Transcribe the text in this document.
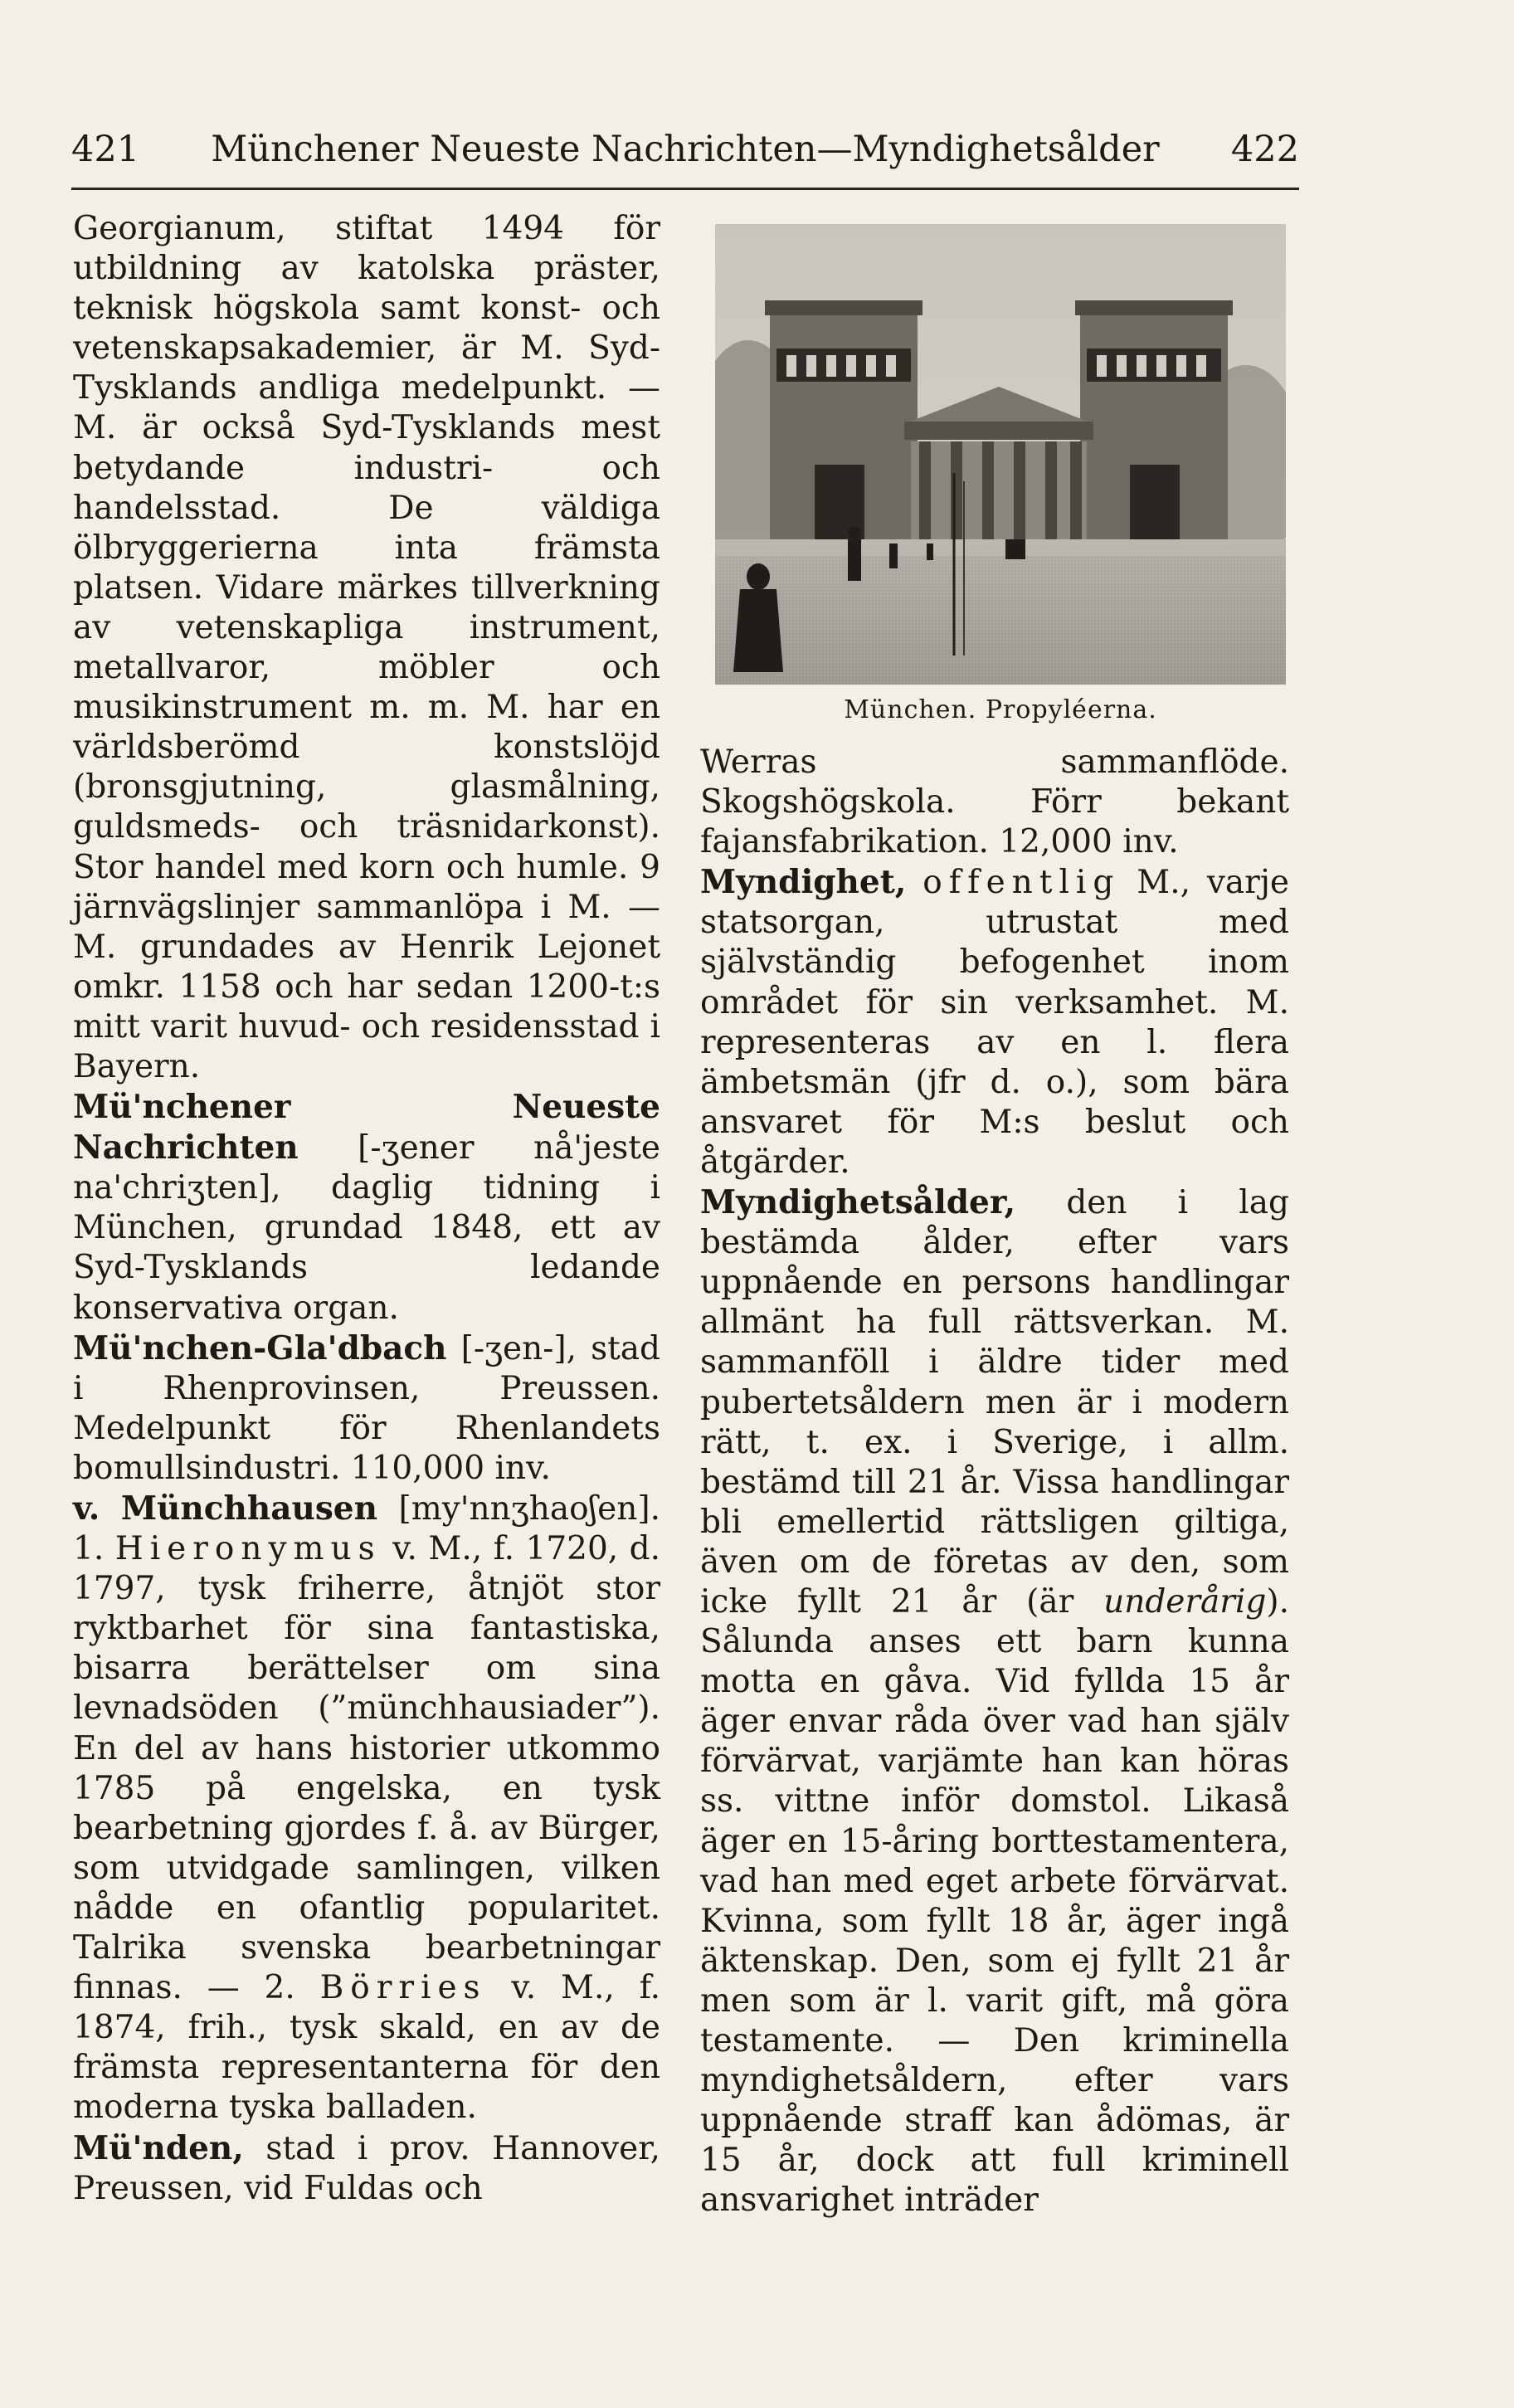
421	Münchener Neueste Nachrichten—Myndighetsålder	422

Georgianum, stiftat 1494 för utbildning av katolska präster, teknisk högskola samt konst- och vetenskapsakademier, är M. Syd-Tysklands andliga medelpunkt. — M. är också Syd-Tysklands mest betydande industri- och handelsstad. De väldiga ölbryggerierna inta främsta platsen. Vidare märkes tillverkning av vetenskapliga instrument, metallvaror, möbler och musikinstrument m. m. M. har en världsberömd konstslöjd (bronsgjutning, glasmålning, guldsmeds- och träsnidarkonst). Stor handel med korn och humle. 9 järnvägslinjer sammanlöpa i M. — M. grundades av Henrik Lejonet omkr. 1158 och har sedan 1200-t:s mitt varit huvud- och residensstad i Bayern.

Mü'nchener Neueste Nachrichten [-ʒener nå'jeste na'chriʒten], daglig tidning i München, grundad 1848, ett av Syd-Tysklands ledande konservativa organ.

Mü'nchen-Gla'dbach [-ʒen-], stad i Rhenprovinsen, Preussen. Medelpunkt för Rhenlandets bomullsindustri. 110,000 inv.

v. Münchhausen [my'nnʒhaoʃen]. 1. Hieronymus v. M., f. 1720, d. 1797, tysk friherre, åtnjöt stor ryktbarhet för sina fantastiska, bisarra berättelser om sina levnadsöden (”münchhausiader”). En del av hans historier utkommo 1785 på engelska, en tysk bearbetning gjordes f. å. av Bürger, som utvidgade samlingen, vilken nådde en ofantlig popularitet. Talrika svenska bearbetningar finnas. — 2. Börries v. M., f. 1874, frih., tysk skald, en av de främsta representanterna för den moderna tyska balladen.

Mü'nden, stad i prov. Hannover, Preussen, vid Fuldas och

München. Propyléerna.

Werras sammanflöde. Skogshögskola. Förr bekant fajansfabrikation. 12,000 inv.

Myndighet, offentlig M., varje statsorgan, utrustat med självständig befogenhet inom området för sin verksamhet. M. representeras av en l. flera ämbetsmän (jfr d. o.), som bära ansvaret för M:s beslut och åtgärder.

Myndighetsålder, den i lag bestämda ålder, efter vars uppnående en persons handlingar allmänt ha full rättsverkan. M. sammanföll i äldre tider med pubertetsåldern men är i modern rätt, t. ex. i Sverige, i allm. bestämd till 21 år. Vissa handlingar bli emellertid rättsligen giltiga, även om de företas av den, som icke fyllt 21 år (är underårig). Sålunda anses ett barn kunna motta en gåva. Vid fyllda 15 år äger envar råda över vad han själv förvärvat, varjämte han kan höras ss. vittne inför domstol. Likaså äger en 15-åring borttestamentera, vad han med eget arbete förvärvat. Kvinna, som fyllt 18 år, äger ingå äktenskap. Den, som ej fyllt 21 år men som är l. varit gift, må göra testamente. — Den kriminella myndighetsåldern, efter vars uppnående straff kan ådömas, är 15 år, dock att full kriminell ansvarighet inträder
